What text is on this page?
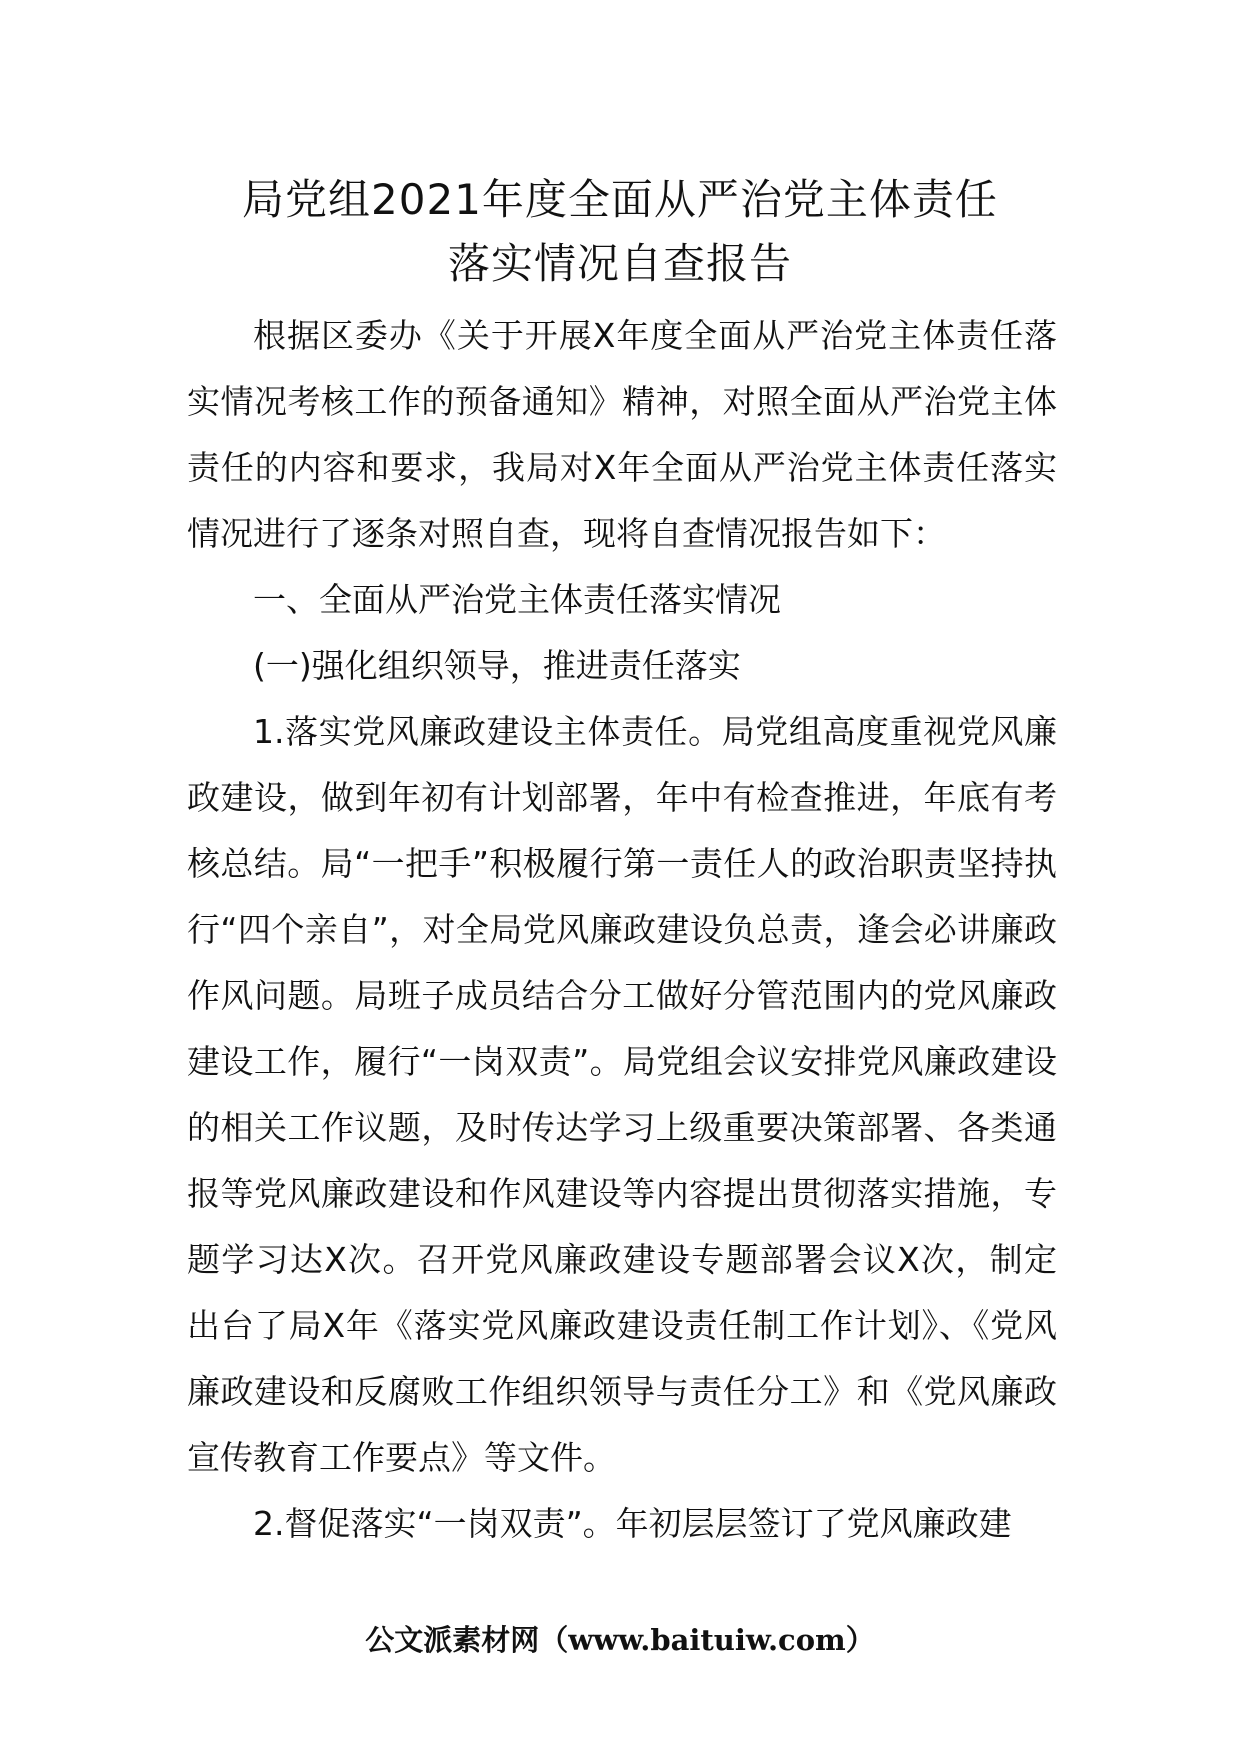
局党组2021年度全面从严治党主体责任
落实情况自查报告

根据区委办《关于开展X年度全面从严治党主体责任落实情况考核工作的预备通知》精神，对照全面从严治党主体责任的内容和要求，我局对X年全面从严治党主体责任落实情况进行了逐条对照自查，现将自查情况报告如下：

一、全面从严治党主体责任落实情况

(一)强化组织领导，推进责任落实

1.落实党风廉政建设主体责任。局党组高度重视党风廉政建设，做到年初有计划部署，年中有检查推进，年底有考核总结。局“一把手”积极履行第一责任人的政治职责坚持执行“四个亲自”，对全局党风廉政建设负总责，逢会必讲廉政作风问题。局班子成员结合分工做好分管范围内的党风廉政建设工作，履行“一岗双责”。局党组会议安排党风廉政建设的相关工作议题，及时传达学习上级重要决策部署、各类通报等党风廉政建设和作风建设等内容提出贯彻落实措施，专题学习达X次。召开党风廉政建设专题部署会议X次，制定出台了局X年《落实党风廉政建设责任制工作计划》、《党风廉政建设和反腐败工作组织领导与责任分工》和《党风廉政宣传教育工作要点》等文件。

2.督促落实“一岗双责”。年初层层签订了党风廉政建

公文派素材网（www.baituiw.com）
